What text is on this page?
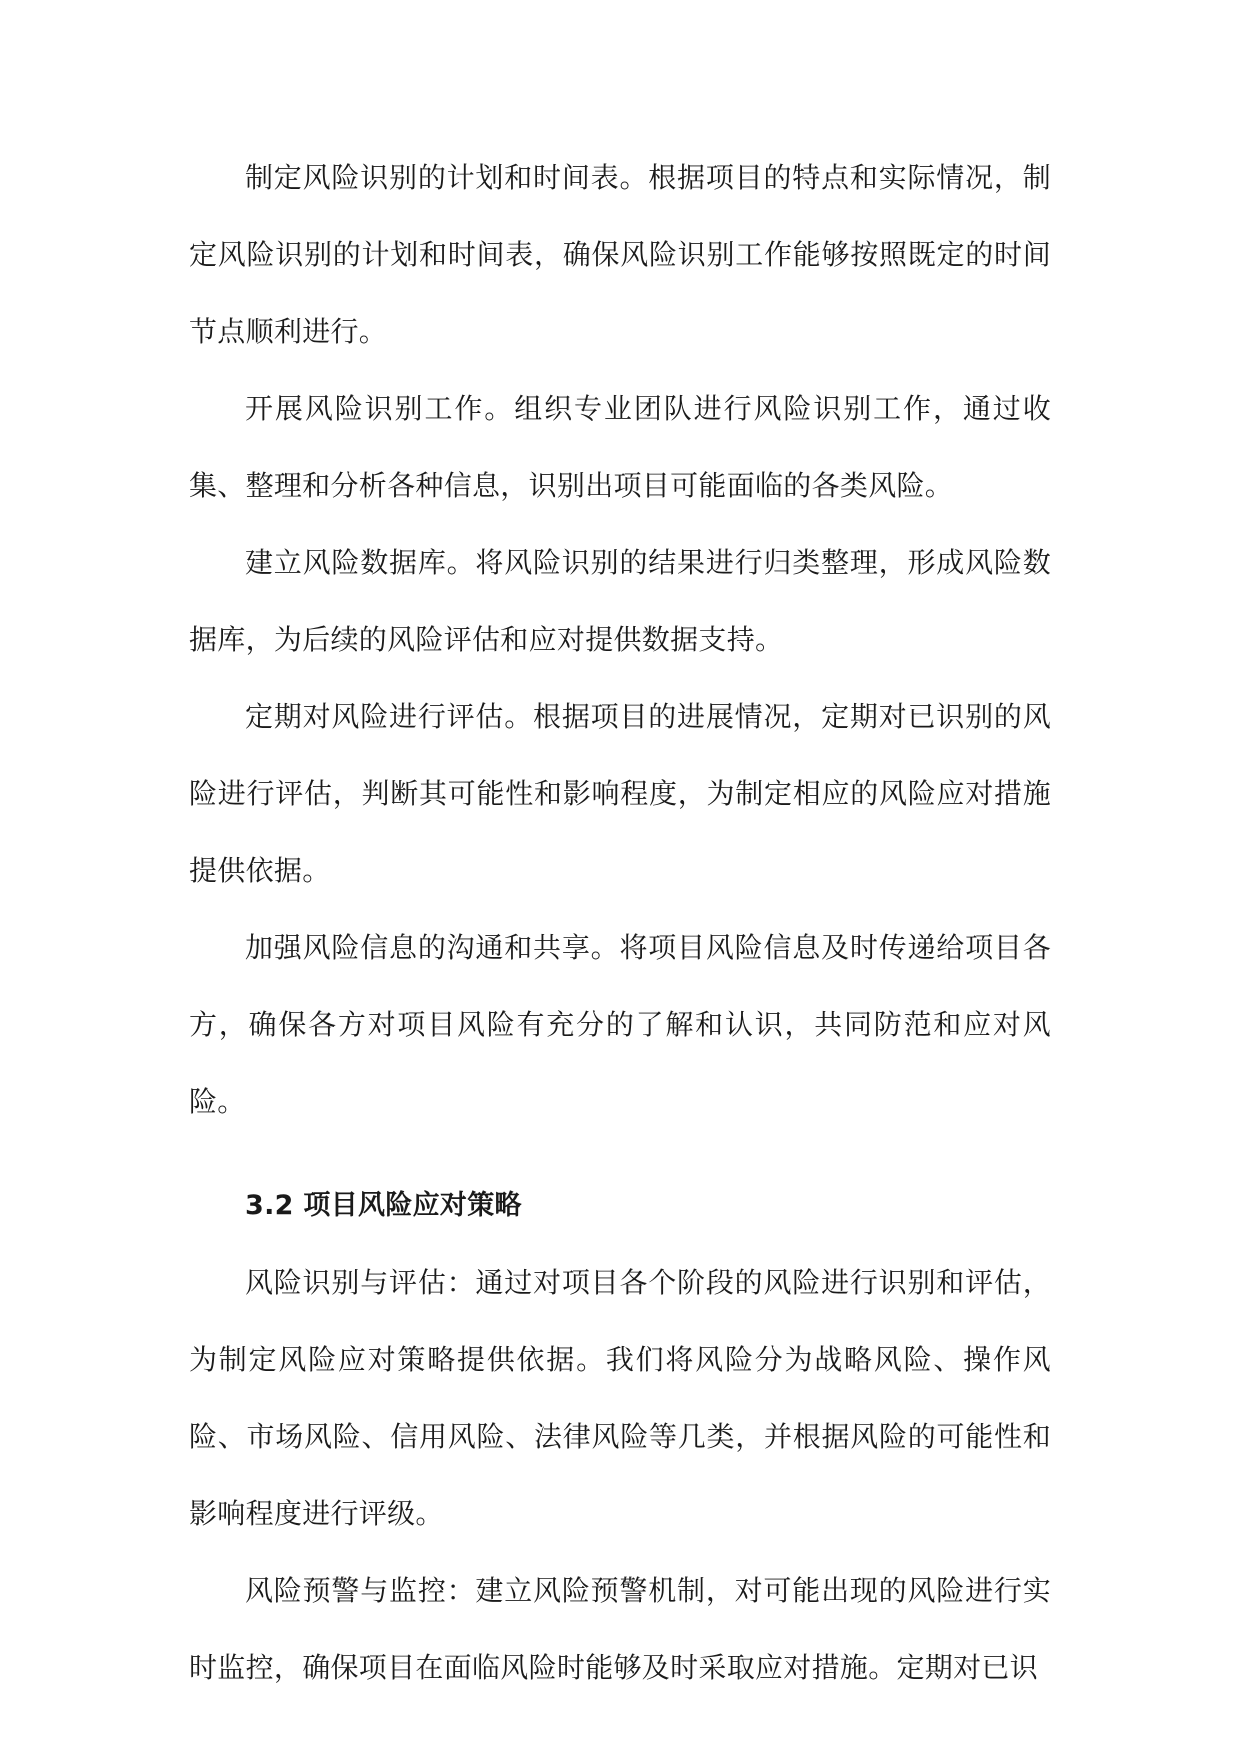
制定风险识别的计划和时间表。根据项目的特点和实际情况，制定风险识别的计划和时间表，确保风险识别工作能够按照既定的时间节点顺利进行。

开展风险识别工作。组织专业团队进行风险识别工作，通过收集、整理和分析各种信息，识别出项目可能面临的各类风险。

建立风险数据库。将风险识别的结果进行归类整理，形成风险数据库，为后续的风险评估和应对提供数据支持。

定期对风险进行评估。根据项目的进展情况，定期对已识别的风险进行评估，判断其可能性和影响程度，为制定相应的风险应对措施提供依据。

加强风险信息的沟通和共享。将项目风险信息及时传递给项目各方，确保各方对项目风险有充分的了解和认识，共同防范和应对风险。

3.2 项目风险应对策略

风险识别与评估：通过对项目各个阶段的风险进行识别和评估，为制定风险应对策略提供依据。我们将风险分为战略风险、操作风险、市场风险、信用风险、法律风险等几类，并根据风险的可能性和影响程度进行评级。

风险预警与监控：建立风险预警机制，对可能出现的风险进行实时监控，确保项目在面临风险时能够及时采取应对措施。定期对已识
